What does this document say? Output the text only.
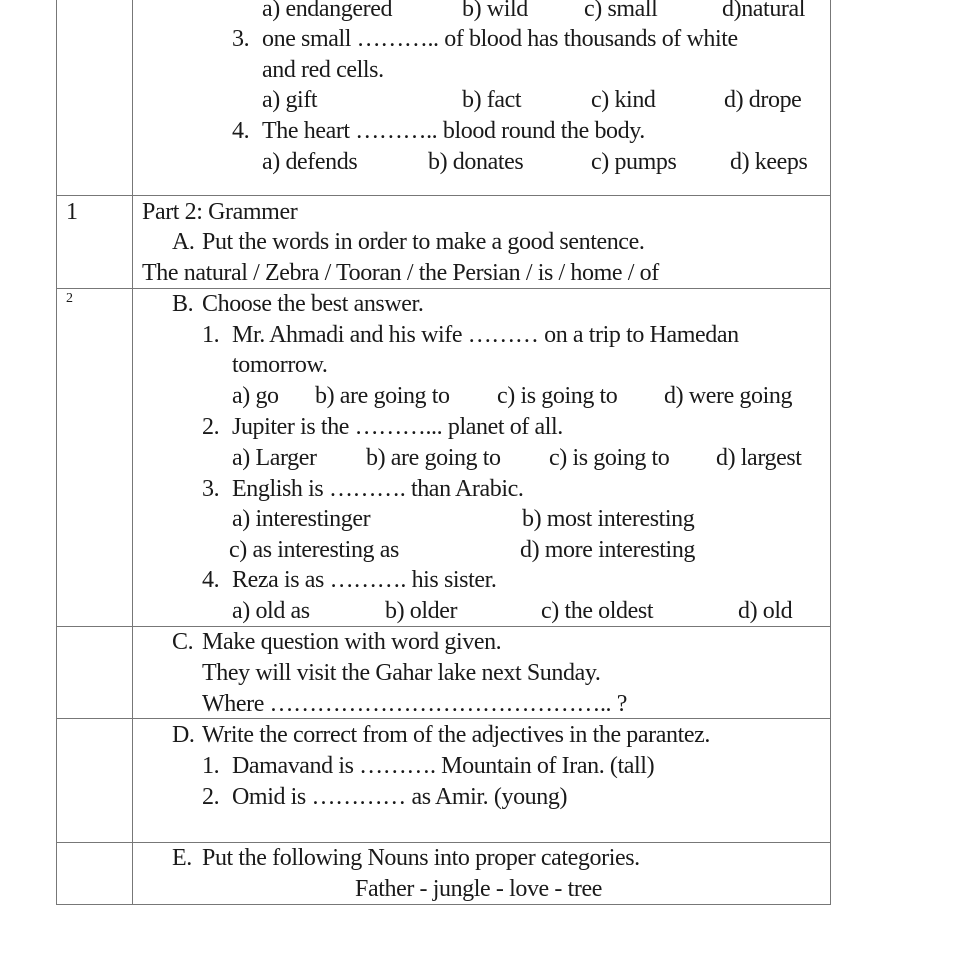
a) endangered	b) wild c) small	d)natural
3. one small ……….. of blood has thousands of white
and red cells.
a) gift	b) fact	c) kind	d) drope
4. The heart ……….. blood round the body.
a) defends	b) donates	c) pumps d) keeps
1	Part 2: Grammer
A. Put the words in order to make a good sentence.
The natural / Zebra / Tooran / the Persian / is / home / of
2	B. Choose the best answer.
1. Mr. Ahmadi and his wife ……… on a trip to Hamedan
tomorrow.
a) go b) are going to c) is going to d) were going
2. Jupiter is the ………... planet of all.
a) Larger b) are going to c) is going to d) largest
3. English is ………. than Arabic.
a) interestinger	b) most interesting
c) as interesting as	d) more interesting
4. Reza is as ………. his sister.
a) old as	b) older	c) the oldest	d) old
C. Make question with word given.
They will visit the Gahar lake next Sunday.
Where …………………………………….. ?
D. Write the correct from of the adjectives in the parantez.
1. Damavand is ………. Mountain of Iran. (tall)
2. Omid is ………… as Amir. (young)
E. Put the following Nouns into proper categories.
Father - jungle - love - tree
